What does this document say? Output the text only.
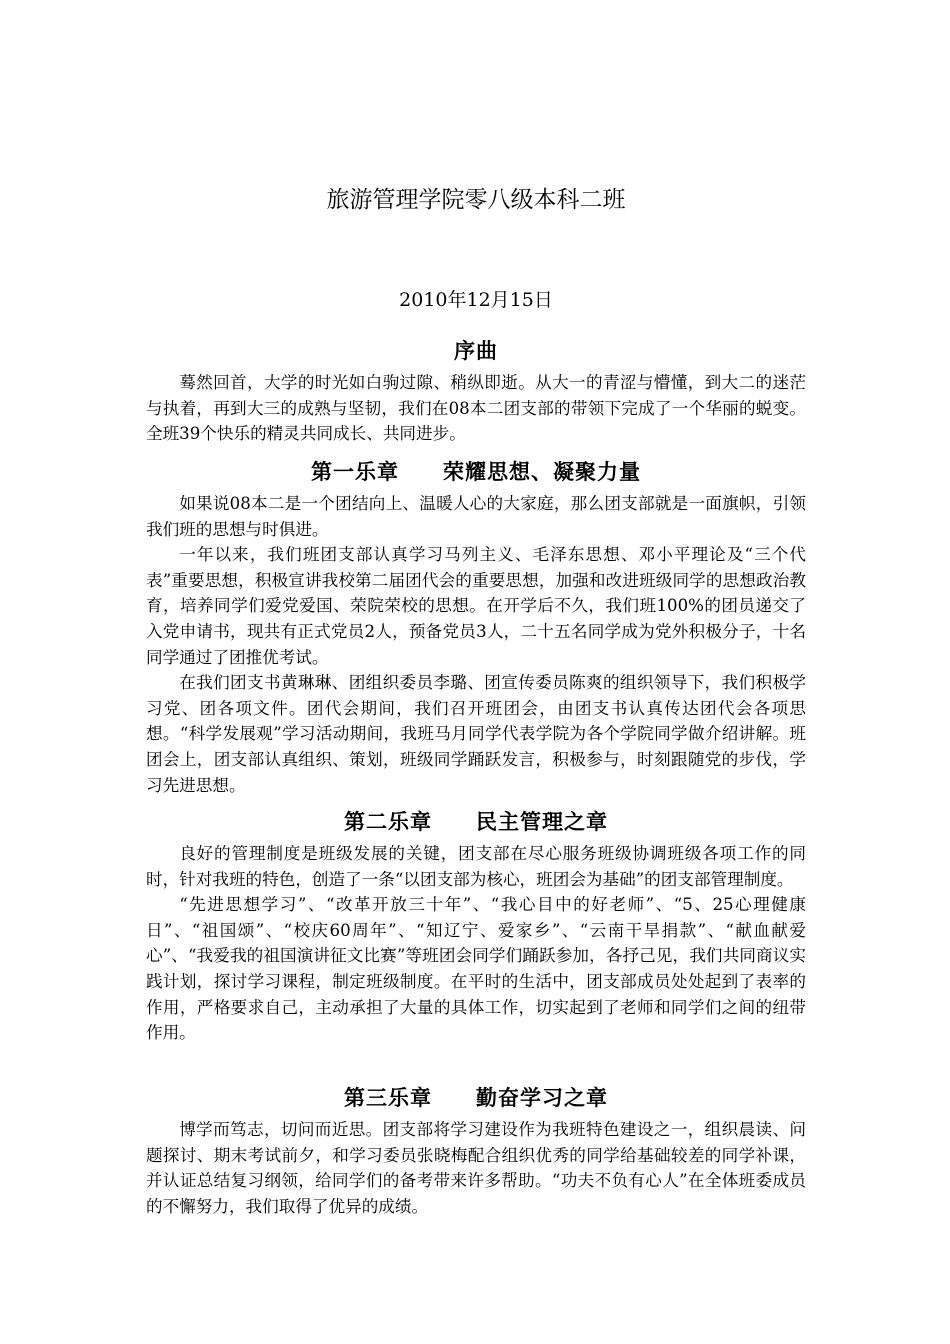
旅游管理学院零八级本科二班
2010年12月15日
序曲

蓦然回首，大学的时光如白驹过隙、稍纵即逝。从大一的青涩与懵懂，到大二的迷茫与执着，再到大三的成熟与坚韧，我们在08本二团支部的带领下完成了一个华丽的蜕变。全班39个快乐的精灵共同成长、共同进步。

第一乐章 荣耀思想、凝聚力量

如果说08本二是一个团结向上、温暖人心的大家庭，那么团支部就是一面旗帜，引领我们班的思想与时俱进。

一年以来，我们班团支部认真学习马列主义、毛泽东思想、邓小平理论及“三个代表”重要思想，积极宣讲我校第二届团代会的重要思想，加强和改进班级同学的思想政治教育，培养同学们爱党爱国、荣院荣校的思想。在开学后不久，我们班100%的团员递交了入党申请书，现共有正式党员2人，预备党员3人，二十五名同学成为党外积极分子，十名同学通过了团推优考试。

在我们团支书黄琳琳、团组织委员李璐、团宣传委员陈爽的组织领导下，我们积极学习党、团各项文件。团代会期间，我们召开班团会，由团支书认真传达团代会各项思想。“科学发展观”学习活动期间，我班马月同学代表学院为各个学院同学做介绍讲解。班团会上，团支部认真组织、策划，班级同学踊跃发言，积极参与，时刻跟随党的步伐，学习先进思想。

第二乐章 民主管理之章

良好的管理制度是班级发展的关键，团支部在尽心服务班级协调班级各项工作的同时，针对我班的特色，创造了一条“以团支部为核心，班团会为基础”的团支部管理制度。

“先进思想学习”、“改革开放三十年”、“我心目中的好老师”、“5、25心理健康日”、“祖国颂”、“校庆60周年”、“知辽宁、爱家乡”、“云南干旱捐款”、“献血献爱心”、“我爱我的祖国演讲征文比赛”等班团会同学们踊跃参加，各抒己见，我们共同商议实践计划，探讨学习课程，制定班级制度。在平时的生活中，团支部成员处处起到了表率的作用，严格要求自己，主动承担了大量的具体工作，切实起到了老师和同学们之间的纽带作用。

第三乐章 勤奋学习之章

博学而笃志，切问而近思。团支部将学习建设作为我班特色建设之一，组织晨读、问题探讨、期末考试前夕，和学习委员张晓梅配合组织优秀的同学给基础较差的同学补课，并认证总结复习纲领，给同学们的备考带来许多帮助。“功夫不负有心人”在全体班委成员的不懈努力，我们取得了优异的成绩。
